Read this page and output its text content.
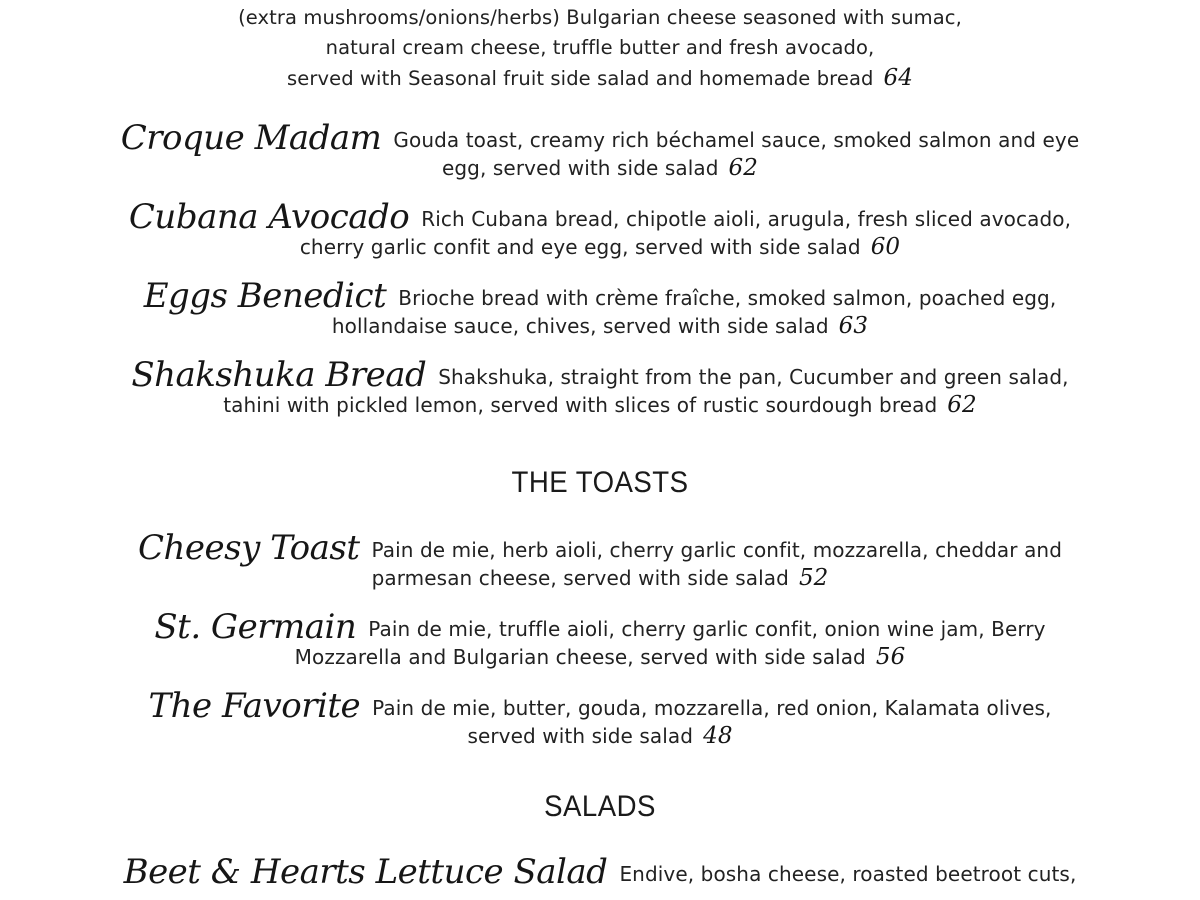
(extra mushrooms/onions/herbs) Bulgarian cheese seasoned with sumac,
natural cream cheese, truffle butter and fresh avocado,
served with Seasonal fruit side salad and homemade bread 64
Croque Madam Gouda toast, creamy rich béchamel sauce, smoked salmon and eye
egg, served with side salad 62
Cubana Avocado Rich Cubana bread, chipotle aioli, arugula, fresh sliced avocado,
cherry garlic confit and eye egg, served with side salad 60
Eggs Benedict Brioche bread with crème fraîche, smoked salmon, poached egg,
hollandaise sauce, chives, served with side salad 63
Shakshuka Bread Shakshuka, straight from the pan, Cucumber and green salad,
tahini with pickled lemon, served with slices of rustic sourdough bread 62
THE TOASTS
Cheesy Toast Pain de mie, herb aioli, cherry garlic confit, mozzarella, cheddar and
parmesan cheese, served with side salad 52
St. Germain Pain de mie, truffle aioli, cherry garlic confit, onion wine jam, Berry
Mozzarella and Bulgarian cheese, served with side salad 56
The Favorite Pain de mie, butter, gouda, mozzarella, red onion, Kalamata olives,
served with side salad 48
SALADS
Beet & Hearts Lettuce Salad Endive, bosha cheese, roasted beetroot cuts,
